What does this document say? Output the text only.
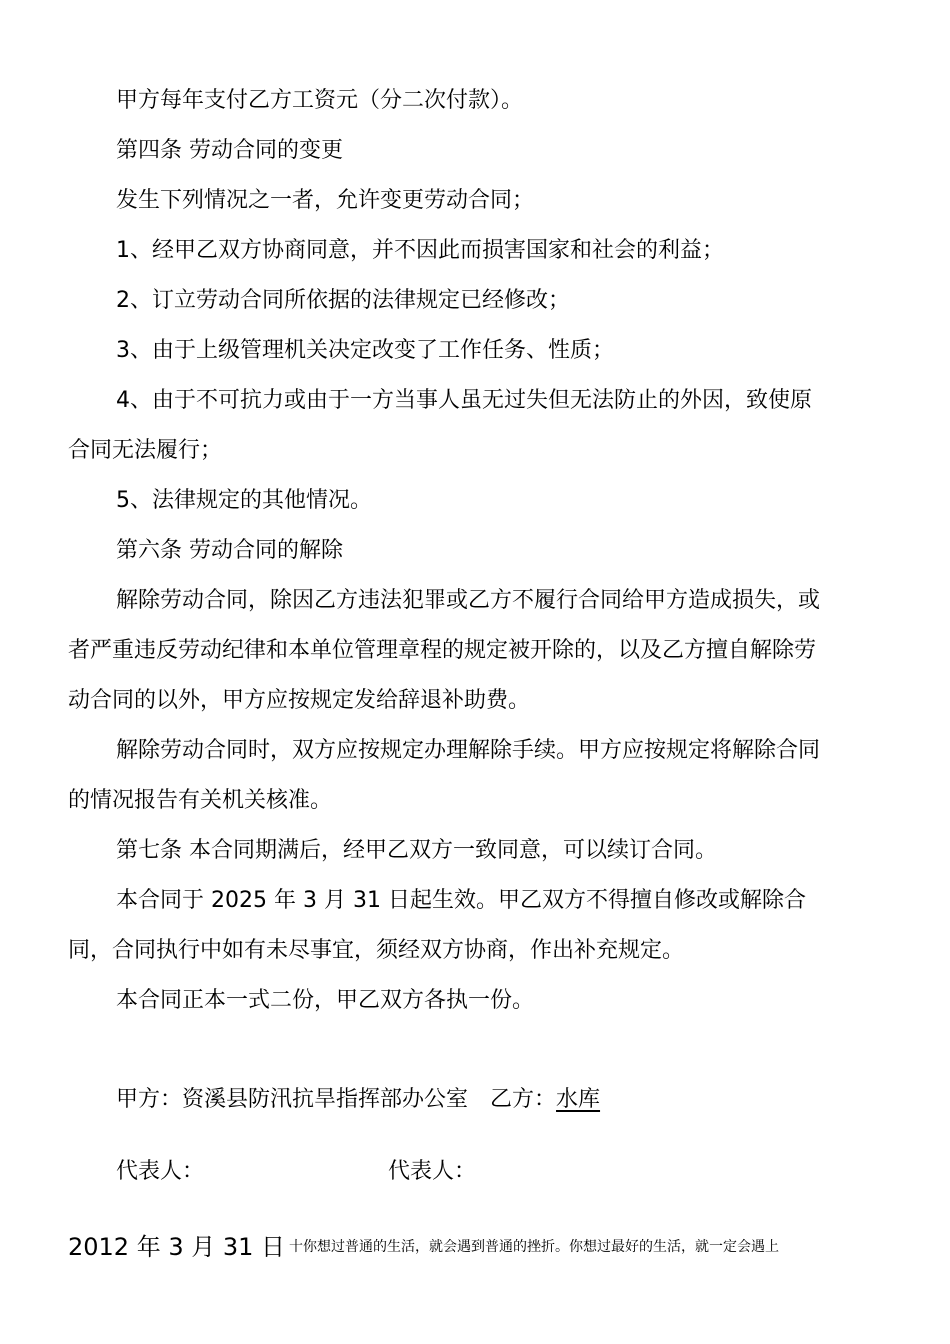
甲方每年支付乙方工资元（分二次付款）。
第四条 劳动合同的变更
发生下列情况之一者，允许变更劳动合同；
1、经甲乙双方协商同意，并不因此而损害国家和社会的利益；
2、订立劳动合同所依据的法律规定已经修改；
3、由于上级管理机关决定改变了工作任务、性质；
4、由于不可抗力或由于一方当事人虽无过失但无法防止的外因，致使原
合同无法履行；
5、法律规定的其他情况。
第六条 劳动合同的解除
解除劳动合同，除因乙方违法犯罪或乙方不履行合同给甲方造成损失，或
者严重违反劳动纪律和本单位管理章程的规定被开除的，以及乙方擅自解除劳
动合同的以外，甲方应按规定发给辞退补助费。
解除劳动合同时，双方应按规定办理解除手续。甲方应按规定将解除合同
的情况报告有关机关核准。
第七条 本合同期满后，经甲乙双方一致同意，可以续订合同。
本合同于 2025 年 3 月 31 日起生效。甲乙双方不得擅自修改或解除合
同，合同执行中如有未尽事宜，须经双方协商，作出补充规定。
本合同正本一式二份，甲乙双方各执一份。
甲方：资溪县防汛抗旱指挥部办公室 乙方：水库
代表人：	代表人：
2012 年 3 月 31 日 十你想过普通的生活，就会遇到普通的挫折。你想过最好的生活，就一定会遇上
